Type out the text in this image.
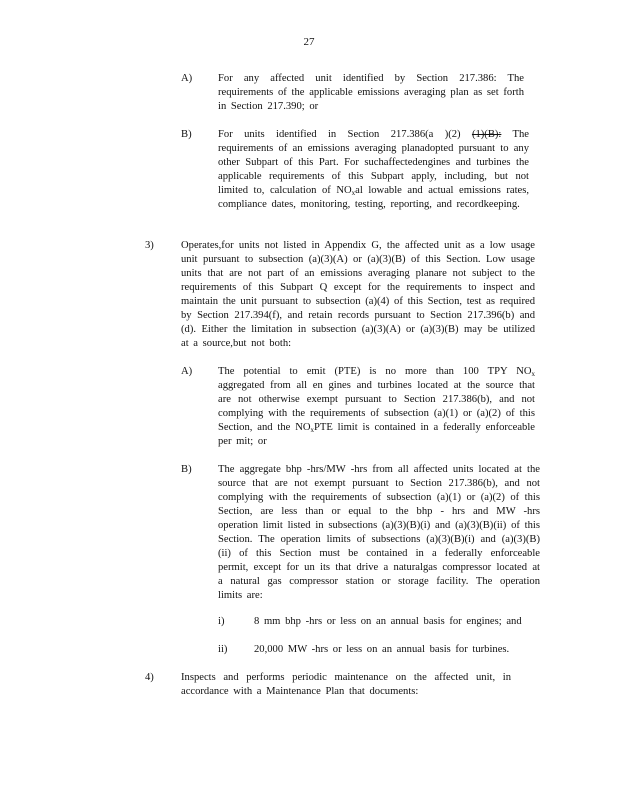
27
A) For any affected unit identified by Section 217.386: The requirements of the applicable emissions averaging plan as set forth in Section 217.390; or
B) For units identified in Section 217.386(a )(2) (1)(B): The requirements of an emissions averaging planadopted pursuant to any other Subpart of this Part. For suchaffectedengines and turbines the applicable requirements of this Subpart apply, including, but not limited to, calculation of $NO_xal$ lowable and actual emissions rates, compliance dates, monitoring, testing, reporting, and recordkeeping.
3)	Operates,for units not listed in Appendix G, the affected unit as a low usage unit pursuant to subsection (a)(3)(A) or (a)(3)(B) of this Section. Low usage units that are not part of an emissions averaging planare not subject to the requirements of this Subpart Q except for the requirements to inspect and maintain the unit pursuant to subsection (a)(4) of this Section, test as required by Section 217.394(f), and retain records pursuant to Section 217.396(b) and (d). Either the limitation in subsection (a)(3)(A) or (a)(3)(B) may be utilized at a source,but not both:
A) The potential to emit (PTE) is no more than 100 TPY $NO_x$ aggregated from all en gines and turbines located at the source that are not otherwise exempt pursuant to Section 217.386(b), and not complying with the requirements of subsection (a)(1) or (a)(2) of this Section, and the $NO_xPTE$ limit is contained in a federally enforceable per mit; or
B) The aggregate bhp -hrs/MW -hrs from all affected units located at the source that are not exempt pursuant to Section 217.386(b), and not complying with the requirements of subsection (a)(1) or (a)(2) of this Section, are less than or equal to the bhp - hrs and MW -hrs operation limit listed in subsections (a)(3)(B)(i) and (a)(3)(B)(ii) of this Section. The operation limits of subsections (a)(3)(B)(i) and (a)(3)(B)(ii) of this Section must be contained in a federally enforceable permit, except for un its that drive a naturalgas compressor located at a natural gas compressor station or storage facility. The operation limits are:
i)	8 mm bhp -hrs or less on an annual basis for engines; and
ii)	20,000 MW -hrs or less on an annual basis for turbines.
4)	Inspects and performs periodic maintenance on the affected unit, in accordance with a Maintenance Plan that documents:
